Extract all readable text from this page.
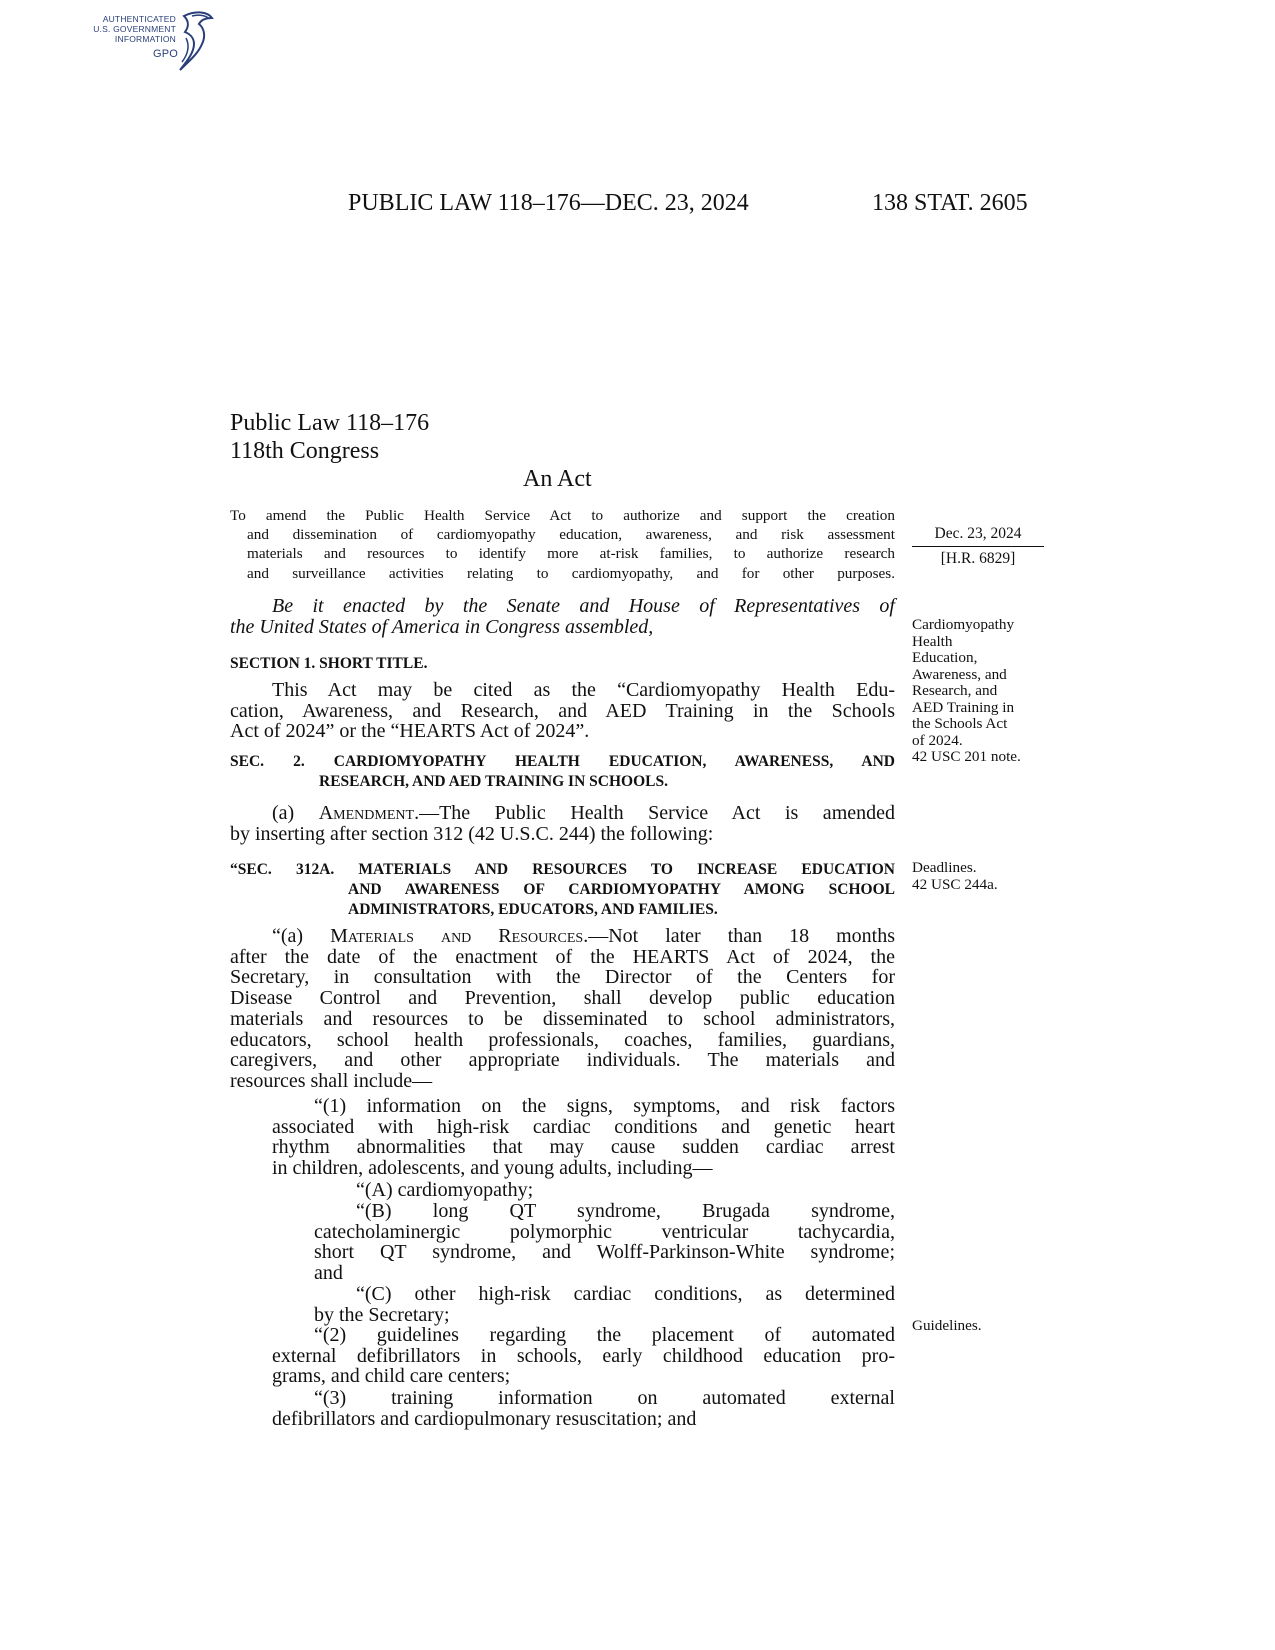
AUTHENTICATED
U.S. GOVERNMENT
INFORMATION
GPO
PUBLIC LAW 118–176—DEC. 23, 2024	138 STAT. 2605
Public Law 118–176
118th Congress
An Act
To amend the Public Health Service Act to authorize and support the creation
and dissemination of cardiomyopathy education, awareness, and risk assessment
materials and resources to identify more at-risk families, to authorize research
and surveillance activities relating to cardiomyopathy, and for other purposes.
Dec. 23, 2024
[H.R. 6829]
Be it enacted by the Senate and House of Representatives of
the United States of America in Congress assembled,
SECTION 1. SHORT TITLE.
This Act may be cited as the “Cardiomyopathy Health Edu-
cation, Awareness, and Research, and AED Training in the Schools
Act of 2024” or the “HEARTS Act of 2024”.
SEC. 2. CARDIOMYOPATHY HEALTH EDUCATION, AWARENESS, AND
RESEARCH, AND AED TRAINING IN SCHOOLS.
(a) Amendment.—The Public Health Service Act is amended
by inserting after section 312 (42 U.S.C. 244) the following:
“SEC. 312A. MATERIALS AND RESOURCES TO INCREASE EDUCATION
AND AWARENESS OF CARDIOMYOPATHY AMONG SCHOOL
ADMINISTRATORS, EDUCATORS, AND FAMILIES.
“(a) Materials and Resources.—Not later than 18 months
after the date of the enactment of the HEARTS Act of 2024, the
Secretary, in consultation with the Director of the Centers for
Disease Control and Prevention, shall develop public education
materials and resources to be disseminated to school administrators,
educators, school health professionals, coaches, families, guardians,
caregivers, and other appropriate individuals. The materials and
resources shall include—
“(1) information on the signs, symptoms, and risk factors
associated with high-risk cardiac conditions and genetic heart
rhythm abnormalities that may cause sudden cardiac arrest
in children, adolescents, and young adults, including—
“(A) cardiomyopathy;
“(B) long QT syndrome, Brugada syndrome,
catecholaminergic polymorphic ventricular tachycardia,
short QT syndrome, and Wolff-Parkinson-White syndrome;
and
“(C) other high-risk cardiac conditions, as determined
by the Secretary;
“(2) guidelines regarding the placement of automated
external defibrillators in schools, early childhood education pro-
grams, and child care centers;
“(3) training information on automated external
defibrillators and cardiopulmonary resuscitation; and
Cardiomyopathy
Health
Education,
Awareness, and
Research, and
AED Training in
the Schools Act
of 2024.
42 USC 201 note.
Deadlines.
42 USC 244a.
Guidelines.
